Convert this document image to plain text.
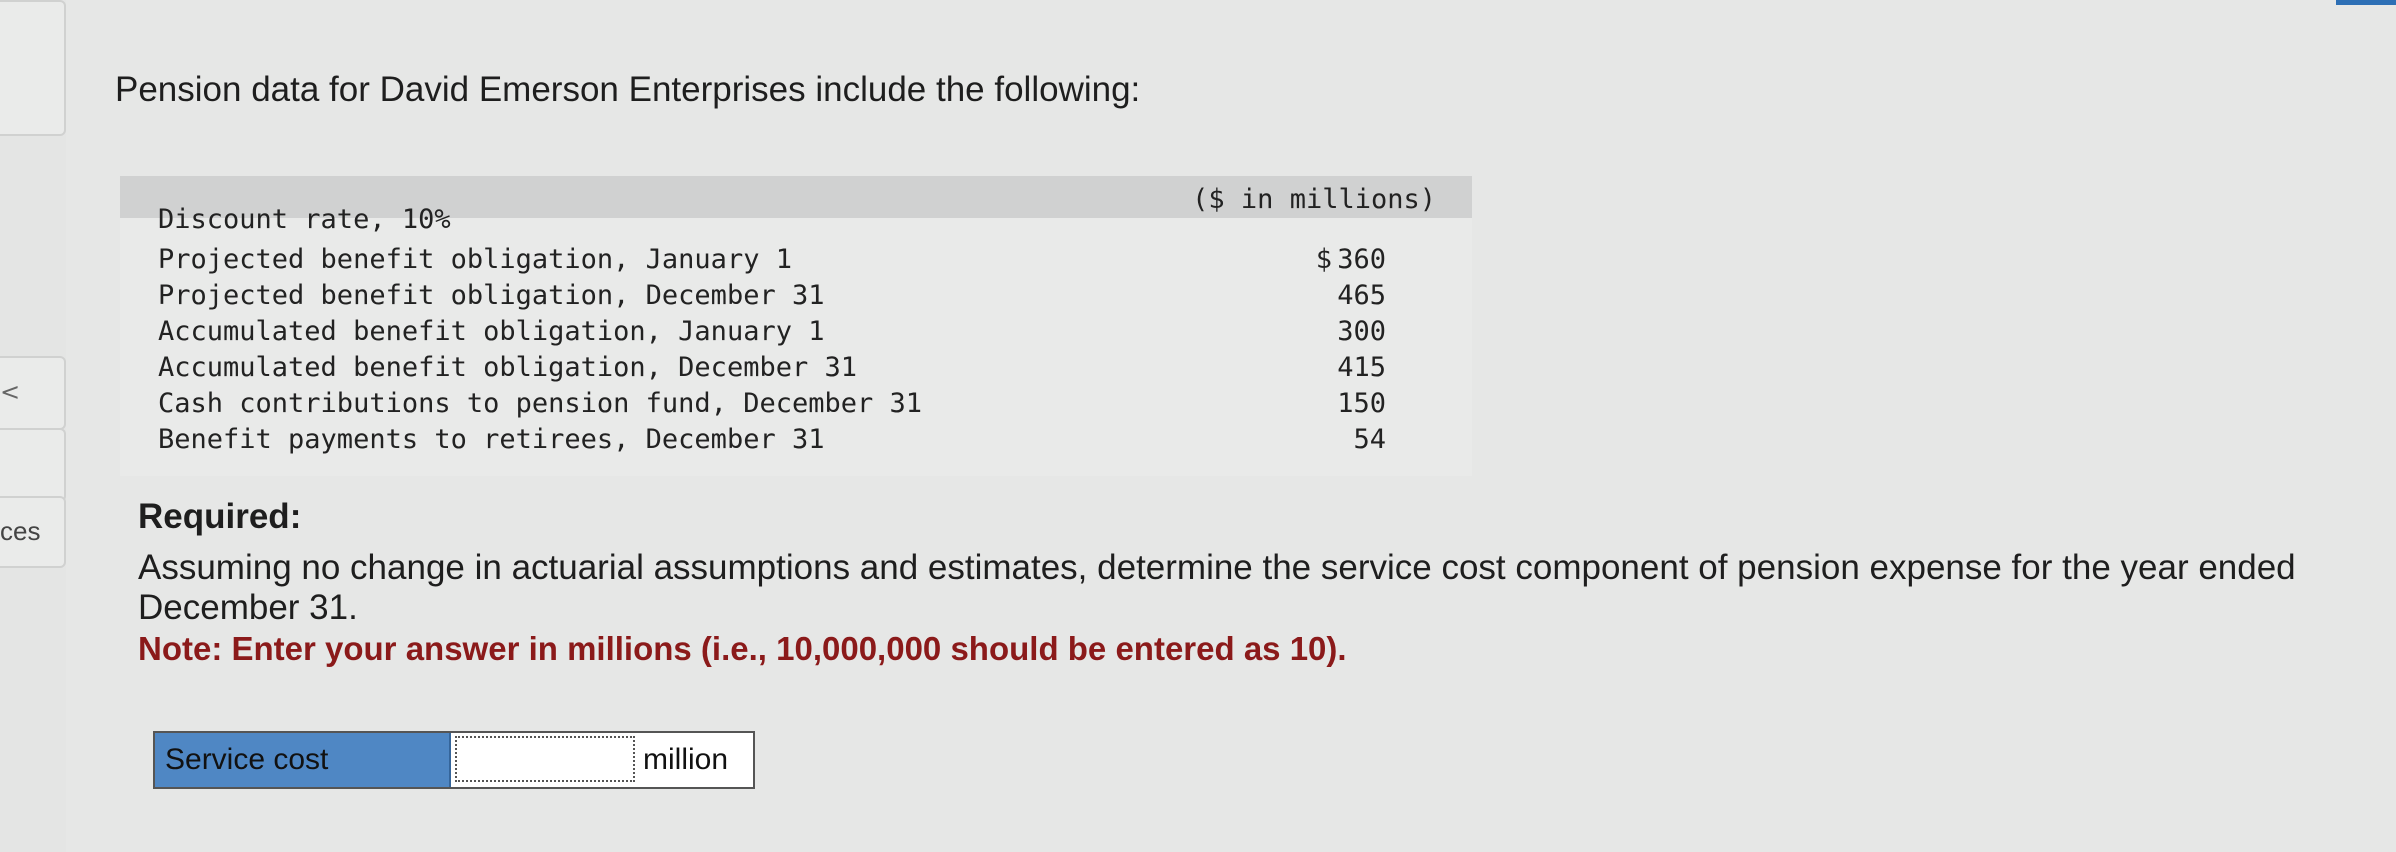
<
ces
Pension data for David Emerson Enterprises include the following:
($ in millions)
Discount rate, 10%
Projected benefit obligation, January 1	$ 360
Projected benefit obligation, December 31	465
Accumulated benefit obligation, January 1	300
Accumulated benefit obligation, December 31	415
Cash contributions to pension fund, December 31	150
Benefit payments to retirees, December 31	54
Required:
Assuming no change in actuarial assumptions and estimates, determine the service cost component of pension expense for the year ended December 31.
Note: Enter your answer in millions (i.e., 10,000,000 should be entered as 10).
Service cost	million
